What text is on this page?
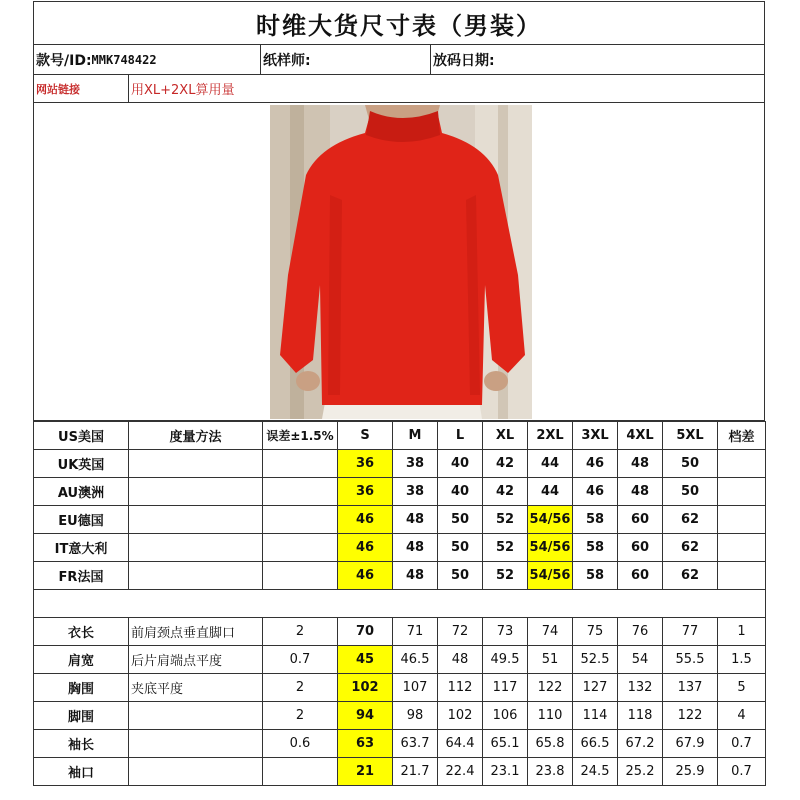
时维大货尺寸表（男装）
款号/ID: MMK748422	纸样师:	放码日期:
网站链接	用XL+2XL算用量
US美国	度量方法	误差±1.5%	S	M	L	XL	2XL	3XL	4XL	5XL	档差
UK英国			36	38	40	42	44	46	48	50	
AU澳洲			36	38	40	42	44	46	48	50	
EU德国			46	48	50	52	54/56	58	60	62	
IT意大利			46	48	50	52	54/56	58	60	62	
FR法国			46	48	50	52	54/56	58	60	62	

衣长	前肩颈点垂直脚口	2	70	71	72	73	74	75	76	77	1
肩宽	后片肩端点平度	0.7	45	46.5	48	49.5	51	52.5	54	55.5	1.5
胸围	夹底平度	2	102	107	112	117	122	127	132	137	5
脚围		2	94	98	102	106	110	114	118	122	4
袖长		0.6	63	63.7	64.4	65.1	65.8	66.5	67.2	67.9	0.7
袖口			21	21.7	22.4	23.1	23.8	24.5	25.2	25.9	0.7
